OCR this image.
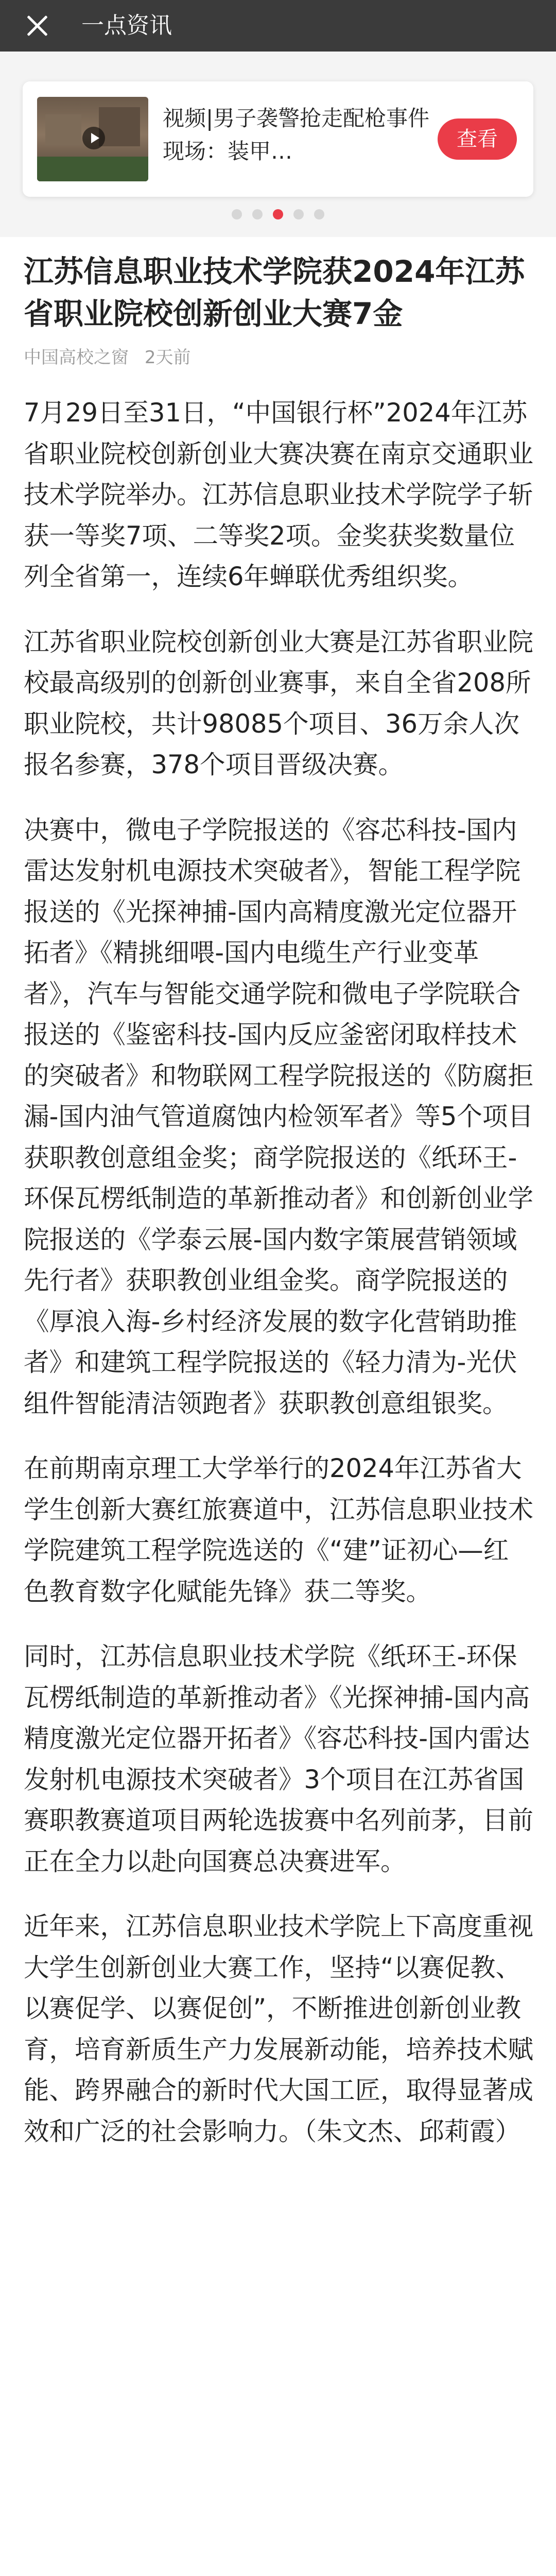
一点资讯
视频|男子袭警抢走配枪事件现场：装甲…	查看

江苏信息职业技术学院获2024年江苏省职业院校创新创业大赛7金
中国高校之窗 2天前

7月29日至31日，“中国银行杯”2024年江苏省职业院校创新创业大赛决赛在南京交通职业技术学院举办。江苏信息职业技术学院学子斩获一等奖7项、二等奖2项。金奖获奖数量位列全省第一，连续6年蝉联优秀组织奖。

江苏省职业院校创新创业大赛是江苏省职业院校最高级别的创新创业赛事，来自全省208所职业院校，共计98085个项目、36万余人次报名参赛，378个项目晋级决赛。

决赛中，微电子学院报送的《容芯科技-国内雷达发射机电源技术突破者》，智能工程学院报送的《光探神捕-国内高精度激光定位器开拓者》《精挑细喂-国内电缆生产行业变革者》，汽车与智能交通学院和微电子学院联合报送的《鉴密科技-国内反应釜密闭取样技术的突破者》和物联网工程学院报送的《防腐拒漏-国内油气管道腐蚀内检领军者》等5个项目获职教创意组金奖；商学院报送的《纸环王-环保瓦楞纸制造的革新推动者》和创新创业学院报送的《学泰云展-国内数字策展营销领域先行者》获职教创业组金奖。商学院报送的《厚浪入海-乡村经济发展的数字化营销助推者》和建筑工程学院报送的《轻力清为-光伏组件智能清洁领跑者》获职教创意组银奖。

在前期南京理工大学举行的2024年江苏省大学生创新大赛红旅赛道中，江苏信息职业技术学院建筑工程学院选送的《“建”证初心—红色教育数字化赋能先锋》获二等奖。

同时，江苏信息职业技术学院《纸环王-环保瓦楞纸制造的革新推动者》《光探神捕-国内高精度激光定位器开拓者》《容芯科技-国内雷达发射机电源技术突破者》3个项目在江苏省国赛职教赛道项目两轮选拔赛中名列前茅，目前正在全力以赴向国赛总决赛进军。

近年来，江苏信息职业技术学院上下高度重视大学生创新创业大赛工作，坚持“以赛促教、以赛促学、以赛促创”，不断推进创新创业教育，培育新质生产力发展新动能，培养技术赋能、跨界融合的新时代大国工匠，取得显著成效和广泛的社会影响力。（朱文杰、邱莉霞）
